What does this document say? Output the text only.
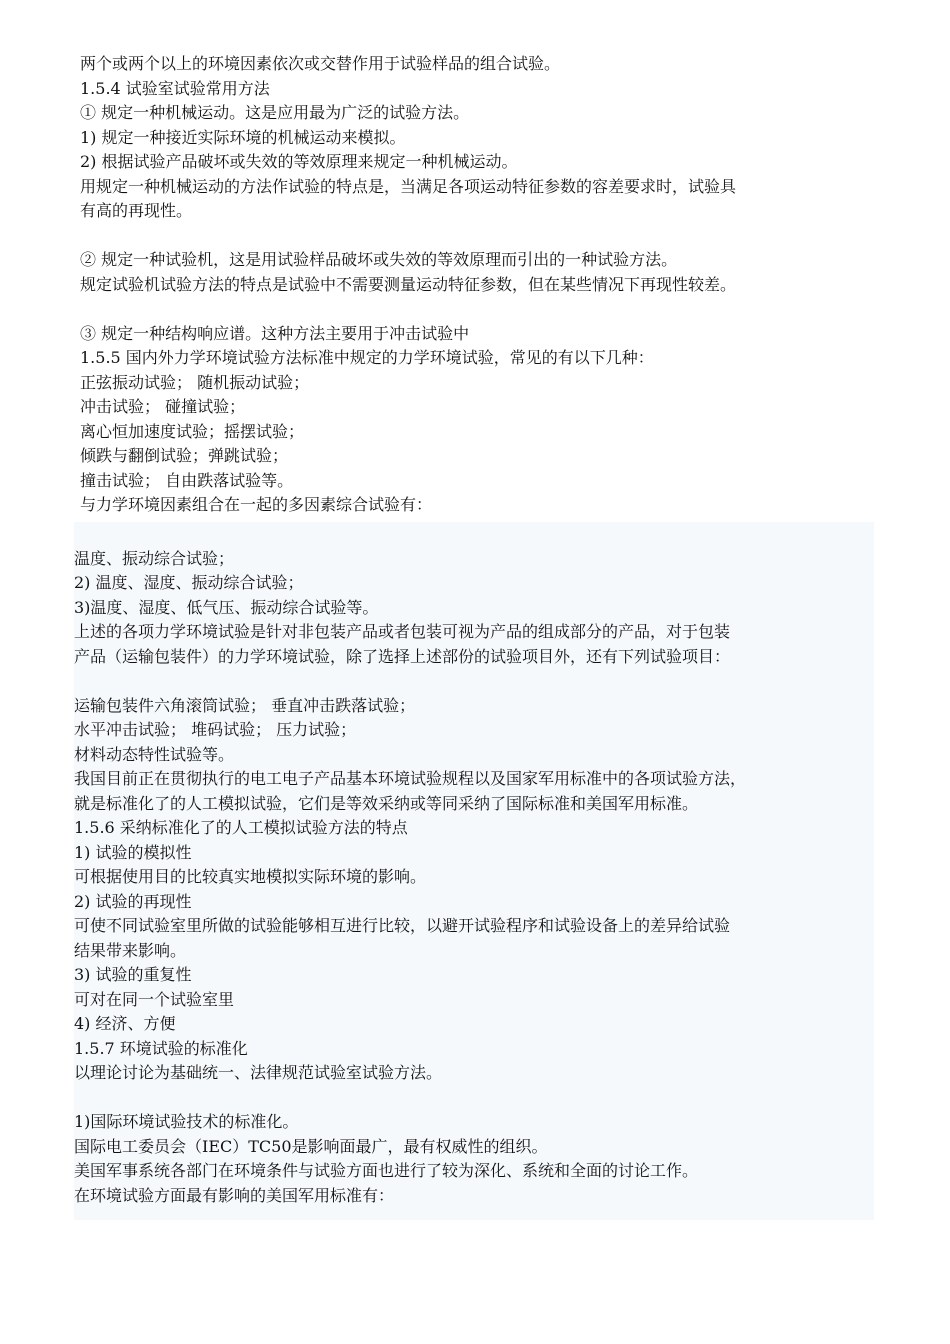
两个或两个以上的环境因素依次或交替作用于试验样品的组合试验。
1.5.4 试验室试验常用方法
① 规定一种机械运动。这是应用最为广泛的试验方法。
1) 规定一种接近实际环境的机械运动来模拟。
2) 根据试验产品破坏或失效的等效原理来规定一种机械运动。
用规定一种机械运动的方法作试验的特点是，当满足各项运动特征参数的容差要求时，试验具
有高的再现性。
② 规定一种试验机，这是用试验样品破坏或失效的等效原理而引出的一种试验方法。
规定试验机试验方法的特点是试验中不需要测量运动特征参数，但在某些情况下再现性较差。
③ 规定一种结构响应谱。这种方法主要用于冲击试验中
1.5.5 国内外力学环境试验方法标准中规定的力学环境试验，常见的有以下几种：
正弦振动试验； 随机振动试验；
冲击试验； 碰撞试验；
离心恒加速度试验；摇摆试验；
倾跌与翻倒试验；弹跳试验；
撞击试验； 自由跌落试验等。
与力学环境因素组合在一起的多因素综合试验有：
温度、振动综合试验；
2) 温度、湿度、振动综合试验；
3)温度、湿度、低气压、振动综合试验等。
上述的各项力学环境试验是针对非包装产品或者包装可视为产品的组成部分的产品，对于包装
产品（运输包装件）的力学环境试验，除了选择上述部份的试验项目外，还有下列试验项目：
运输包装件六角滚筒试验； 垂直冲击跌落试验；
水平冲击试验； 堆码试验； 压力试验；
材料动态特性试验等。
我国目前正在贯彻执行的电工电子产品基本环境试验规程以及国家军用标准中的各项试验方法，
就是标准化了的人工模拟试验，它们是等效采纳或等同采纳了国际标准和美国军用标准。
1.5.6 采纳标准化了的人工模拟试验方法的特点
1) 试验的模拟性
可根据使用目的比较真实地模拟实际环境的影响。
2) 试验的再现性
可使不同试验室里所做的试验能够相互进行比较，以避开试验程序和试验设备上的差异给试验
结果带来影响。
3) 试验的重复性
可对在同一个试验室里
4) 经济、方便
1.5.7 环境试验的标准化
以理论讨论为基础统一、法律规范试验室试验方法。
1)国际环境试验技术的标准化。
国际电工委员会（IEC）TC50是影响面最广，最有权威性的组织。
美国军事系统各部门在环境条件与试验方面也进行了较为深化、系统和全面的讨论工作。
在环境试验方面最有影响的美国军用标准有：
